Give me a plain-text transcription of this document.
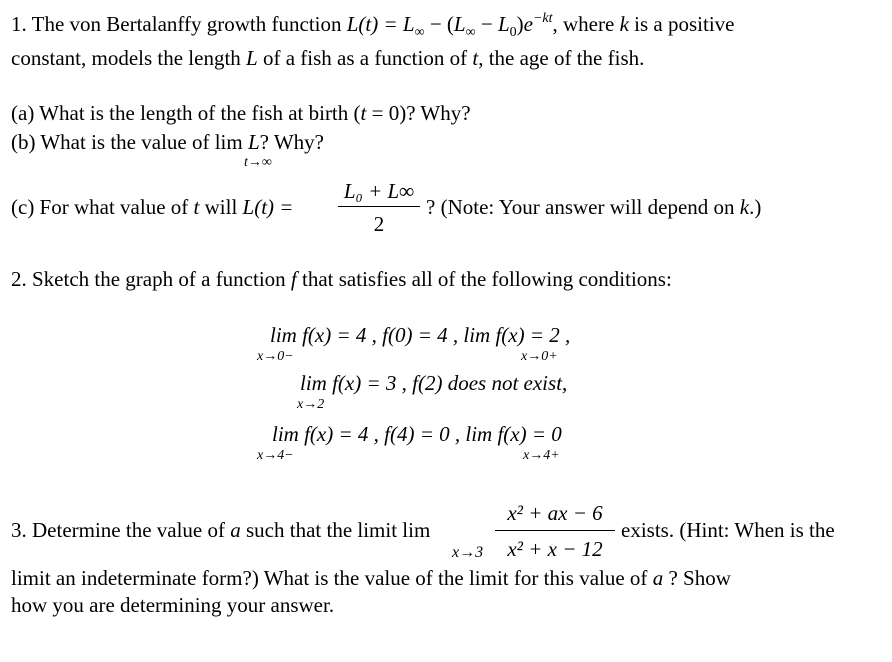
1. The von Bertalanffy growth function $L(t) = L_\infty - (L_\infty - L_0)e^{-kt}$, where k is a positive
constant, models the length L of a fish as a function of t, the age of the fish.
(a) What is the length of the fish at birth (t = 0)? Why?
(b) What is the value of lim L? Why?
t→∞
(c) For what value of t will L(t) =
L₀ + L∞
2
? (Note: Your answer will depend on k.)
2. Sketch the graph of a function f that satisfies all of the following conditions:
lim f(x) = 4 , f(0) = 4 , lim f(x) = 2 ,
x→0−	x→0+
lim f(x) = 3 , f(2) does not exist,
x→2
lim f(x) = 4 , f(4) = 0 , lim f(x) = 0
x→4−	x→4+
3. Determine the value of a such that the limit lim
x→3
x² + ax − 6
x² + x − 12
exists. (Hint: When is the
limit an indeterminate form?) What is the value of the limit for this value of a ? Show
how you are determining your answer.
